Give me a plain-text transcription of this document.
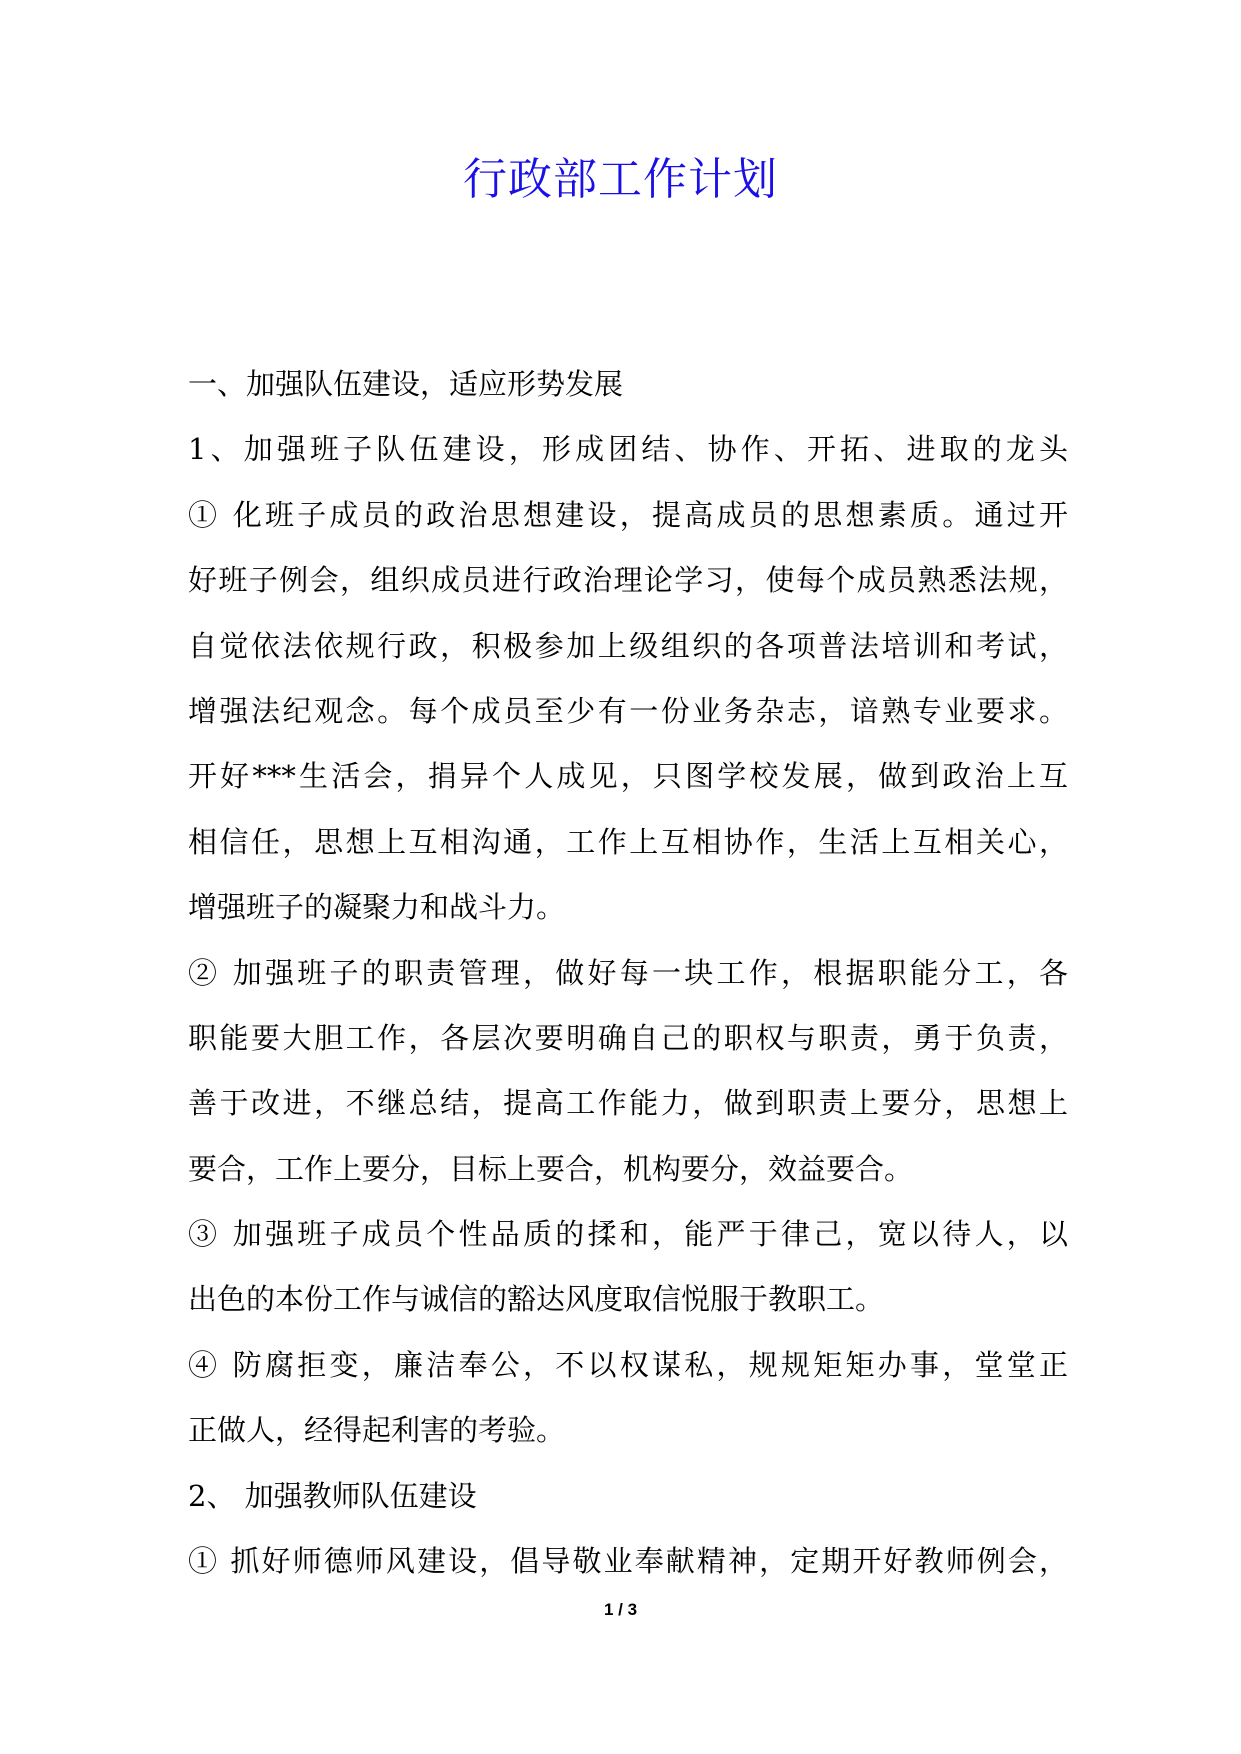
行政部工作计划
一、加强队伍建设，适应形势发展
1、加强班子队伍建设，形成团结、协作、开拓、进取的龙头
① 化班子成员的政治思想建设，提高成员的思想素质。通过开
好班子例会，组织成员进行政治理论学习，使每个成员熟悉法规，
自觉依法依规行政，积极参加上级组织的各项普法培训和考试，
增强法纪观念。每个成员至少有一份业务杂志，谙熟专业要求。
开好***生活会，捐异个人成见，只图学校发展，做到政治上互
相信任，思想上互相沟通，工作上互相协作，生活上互相关心，
增强班子的凝聚力和战斗力。
② 加强班子的职责管理，做好每一块工作，根据职能分工，各
职能要大胆工作，各层次要明确自己的职权与职责，勇于负责，
善于改进，不继总结，提高工作能力，做到职责上要分，思想上
要合，工作上要分，目标上要合，机构要分，效益要合。
③ 加强班子成员个性品质的揉和，能严于律己，宽以待人，以
出色的本份工作与诚信的豁达风度取信悦服于教职工。
④ 防腐拒变，廉洁奉公，不以权谋私，规规矩矩办事，堂堂正
正做人，经得起利害的考验。
2、 加强教师队伍建设
① 抓好师德师风建设，倡导敬业奉献精神，定期开好教师例会，
1 / 3
